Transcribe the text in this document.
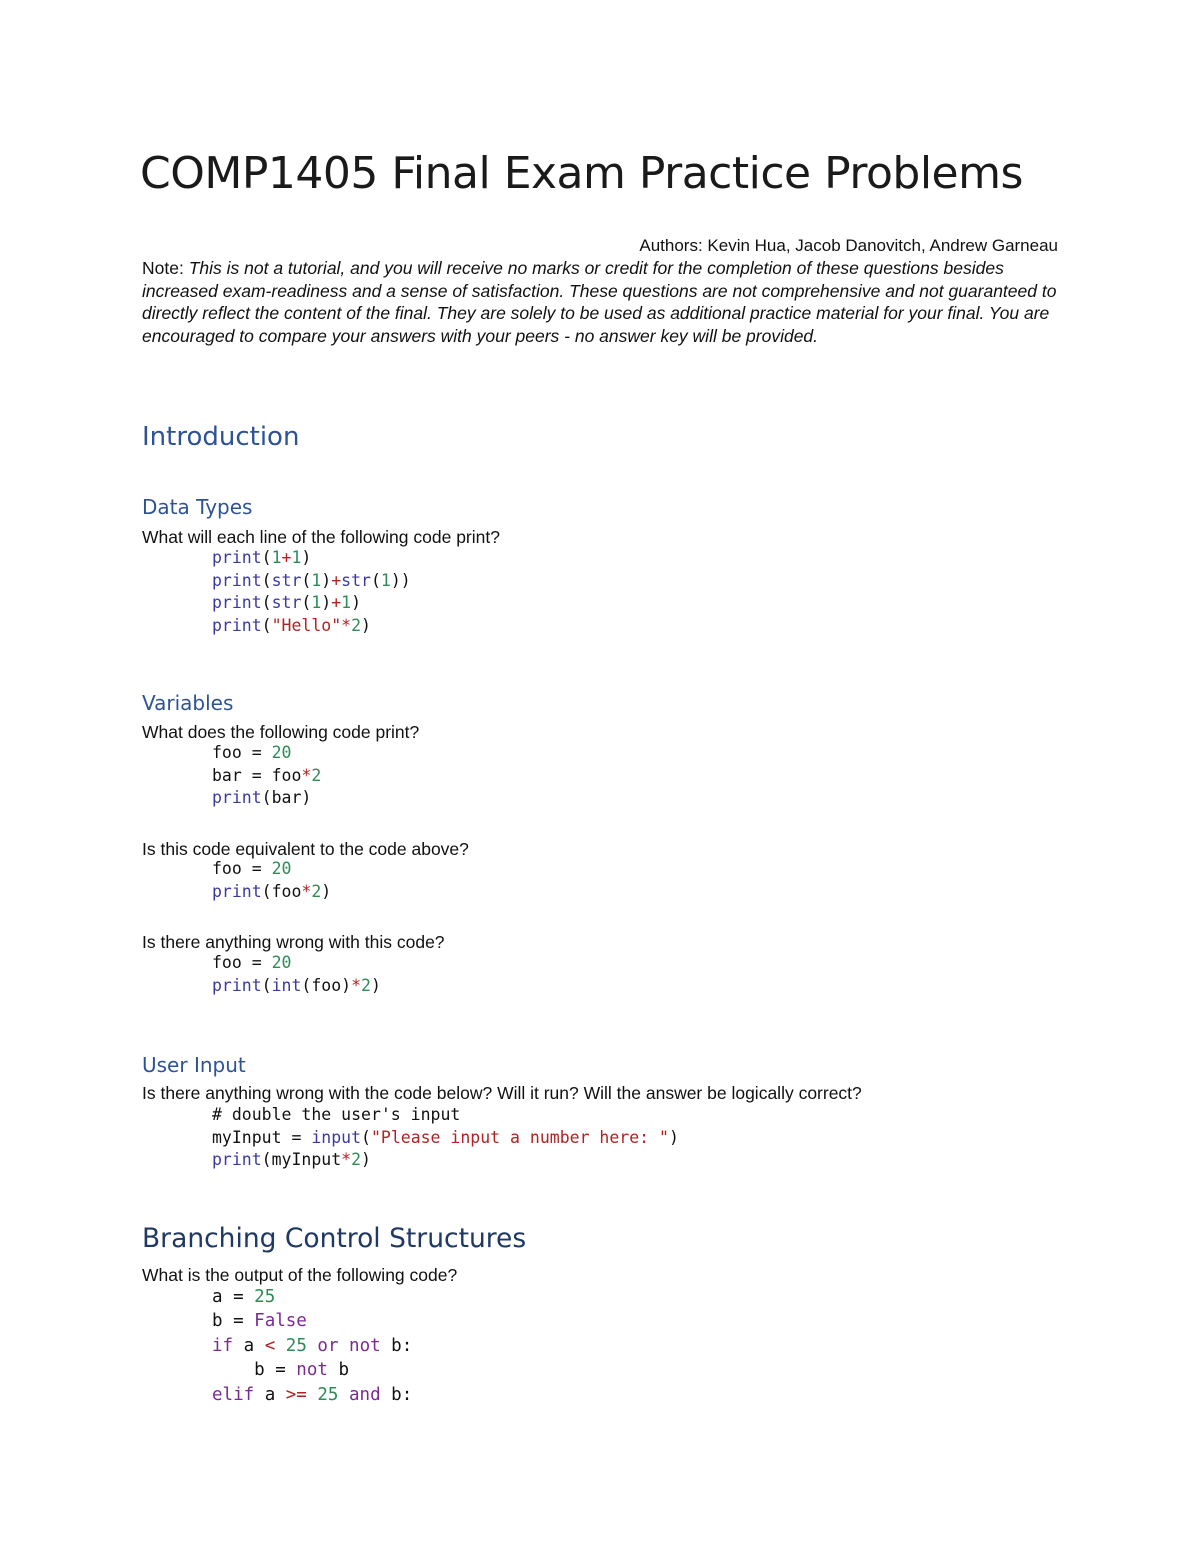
COMP1405 Final Exam Practice Problems
Authors: Kevin Hua, Jacob Danovitch, Andrew Garneau
Note: This is not a tutorial, and you will receive no marks or credit for the completion of these questions besides increased exam-readiness and a sense of satisfaction. These questions are not comprehensive and not guaranteed to directly reflect the content of the final. They are solely to be used as additional practice material for your final. You are encouraged to compare your answers with your peers - no answer key will be provided.
Introduction
Data Types
What will each line of the following code print?
print(1+1)
print(str(1)+str(1))
print(str(1)+1)
print("Hello"*2)
Variables
What does the following code print?
foo = 20
bar = foo*2
print(bar)
Is this code equivalent to the code above?
foo = 20
print(foo*2)
Is there anything wrong with this code?
foo = 20
print(int(foo)*2)
User Input
Is there anything wrong with the code below? Will it run? Will the answer be logically correct?
# double the user's input
myInput = input("Please input a number here: ")
print(myInput*2)
Branching Control Structures
What is the output of the following code?
a = 25
b = False
if a < 25 or not b:
b = not b
elif a >= 25 and b:
